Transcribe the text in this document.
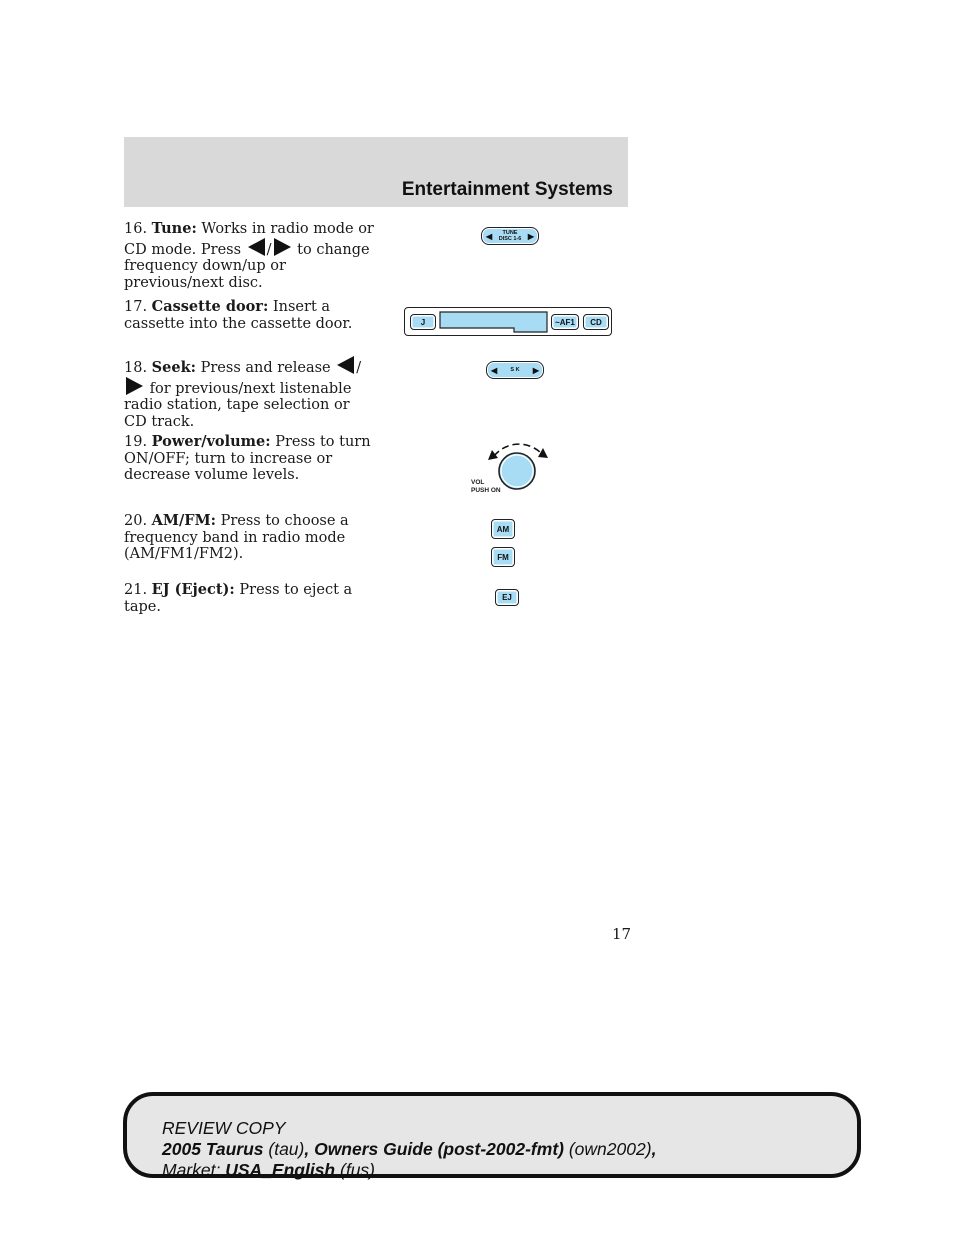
Entertainment Systems
16. Tune: Works in radio mode or CD mode. Press / to change frequency down/up or previous/next disc.
17. Cassette door: Insert a cassette into the cassette door.
18. Seek: Press and release / for previous/next listenable radio station, tape selection or CD track.
19. Power/volume: Press to turn ON/OFF; turn to increase or decrease volume levels.
20. AM/FM: Press to choose a frequency band in radio mode (AM/FM1/FM2).
21. EJ (Eject): Press to eject a tape.
◀	TUNE
DISC 1-6 ▶
J	~AF1	CD
◀ S K ▶
VOL
PUSH ON
AM
FM
EJ
17
REVIEW COPY
2005 Taurus (tau), Owners Guide (post-2002-fmt) (own2002),
Market: USA_English (fus)
